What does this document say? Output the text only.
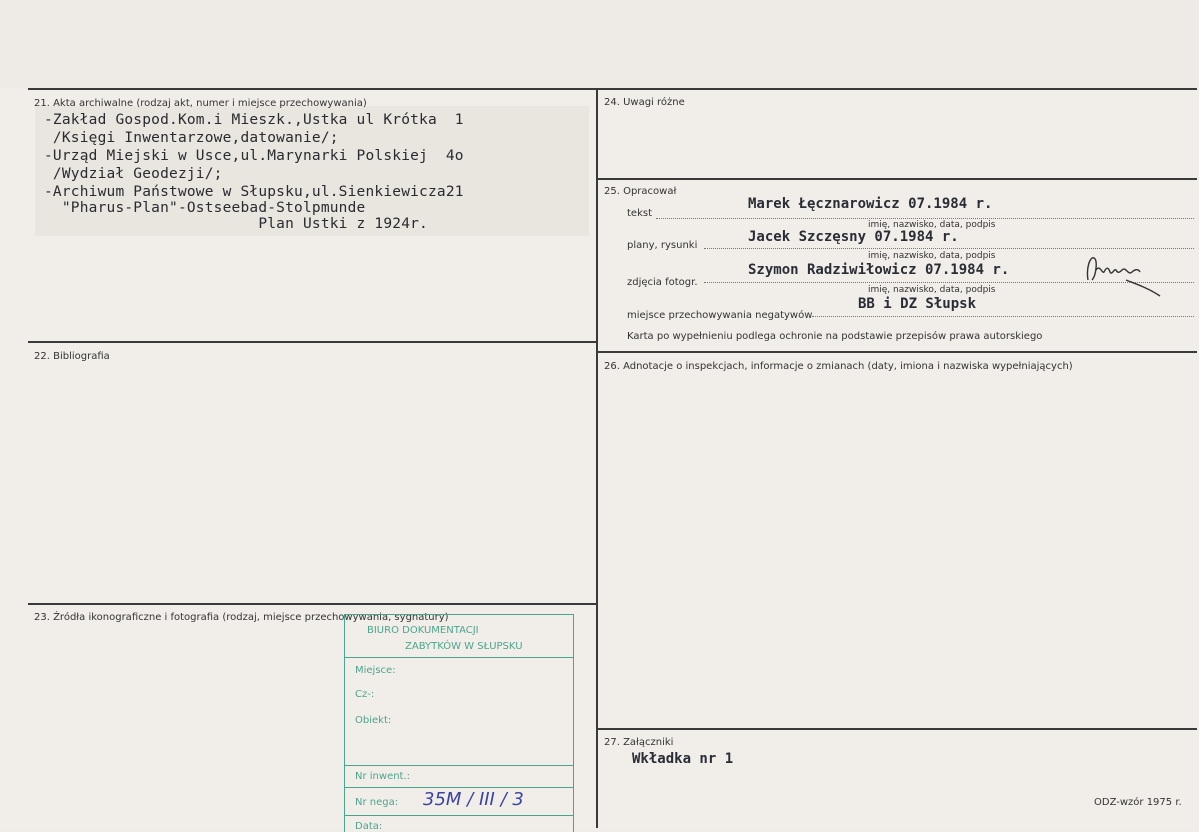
21. Akta archiwalne (rodzaj akt, numer i miejsce przechowywania)
-Zakład Gospod.Kom.i Mieszk.,Ustka ul Krótka  1
/Księgi Inwentarzowe,datowanie/;
-Urząd Miejski w Usce,ul.Marynarki Polskiej  4o
/Wydział Geodezji/;
-Archiwum Państwowe w Słupsku,ul.Sienkiewicza21
"Pharus-Plan"-Ostseebad-Stolpmunde
Plan Ustki z 1924r.
22. Bibliografia
23. Źródła ikonograficzne i fotografia (rodzaj, miejsce przechowywania, sygnatury)
BIURO DOKUMENTACJI
ZABYTKÓW W SŁUPSKU
Miejsce:
Cz-:
Obiekt:
Nr inwent.:
Nr nega: 35M / III / 3
Data:
24. Uwagi różne
25. Opracował
tekst
Marek Łęcznarowicz 07.1984 r.
imię, nazwisko, data, podpis
plany, rysunki
Jacek Szczęsny 07.1984 r.
imię, nazwisko, data, podpis
zdjęcia fotogr.
Szymon Radziwiłowicz 07.1984 r.
imię, nazwisko, data, podpis
BB i DZ Słupsk
miejsce przechowywania negatywów
Karta po wypełnieniu podlega ochronie na podstawie przepisów prawa autorskiego
26. Adnotacje o inspekcjach, informacje o zmianach (daty, imiona i nazwiska wypełniających)
27. Załączniki
Wkładka nr 1
ODZ-wzór 1975 r.
